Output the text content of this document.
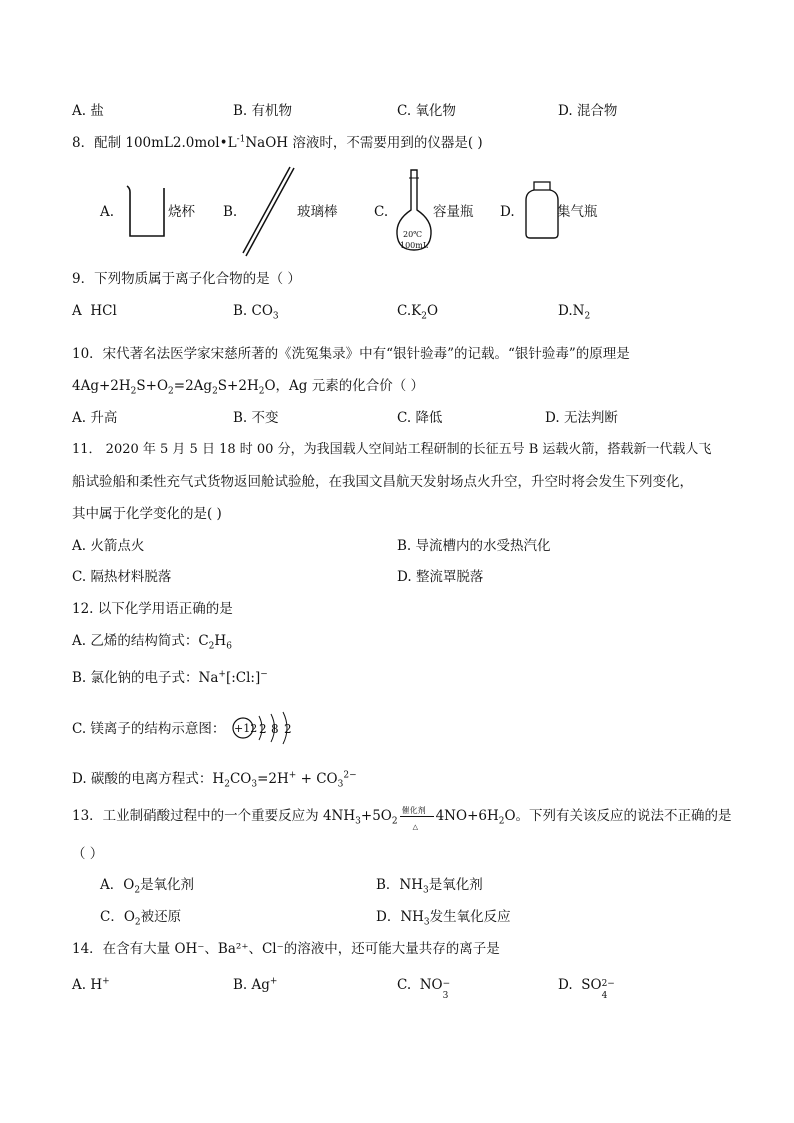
A. 盐	B. 有机物	C. 氧化物	D. 混合物
8．配制 $100mL2.0mol•L^{-1}NaOH$ 溶液时，不需要用到的仪器是( )
A.	烧杯 B.	玻璃棒	C.
20℃
100mL
容量瓶 D.	集气瓶
9．下列物质属于离子化合物的是（ ）
A HCl	B. $CO_3$	$C.K_2O$	$D.N_2$
10．宋代著名法医学家宋慈所著的《洗冤集录》中有“银针验毒”的记载。“银针验毒”的原理是
$4Ag+2H_2S+O_2=2Ag_2S+2H_2O$，Ag 元素的化合价（ ）
A. 升高	B. 不变	C. 降低	D. 无法判断
11． 2020 年 5 月 5 日 18 时 00 分，为我国载人空间站工程研制的长征五号 B 运载火箭，搭载新一代载人飞
船试验船和柔性充气式货物返回舱试验舱，在我国文昌航天发射场点火升空，升空时将会发生下列变化，
其中属于化学变化的是( )
A. 火箭点火	B. 导流槽内的水受热汽化
C. 隔热材料脱落	D. 整流罩脱落
12. 以下化学用语正确的是
A. 乙烯的结构简式：$C_2H_6$
B. 氯化钠的电子式：Na+[:Cl:]−
C. 镁离子的结构示意图： +12 2 8 2
D. 碳酸的电离方程式：$H_2CO_3=2H^+ + CO_3^{2-}$
13．工业制硝酸过程中的一个重要反应为 $4NH_3+5O_2$
催化剂
△
$4NO+6H_2O$。下列有关该反应的说法不正确的是
（ ）
A．$O_2$是氧化剂	B．$NH_3$是氧化剂
C．$O_2$被还原	D．$NH_3$发生氧化反应
14．在含有大量 OH⁻、Ba²⁺、Cl⁻的溶液中，还可能大量共存的离子是
A. H+	B. Ag+	C. NO −
3
D. SO 2−
4
